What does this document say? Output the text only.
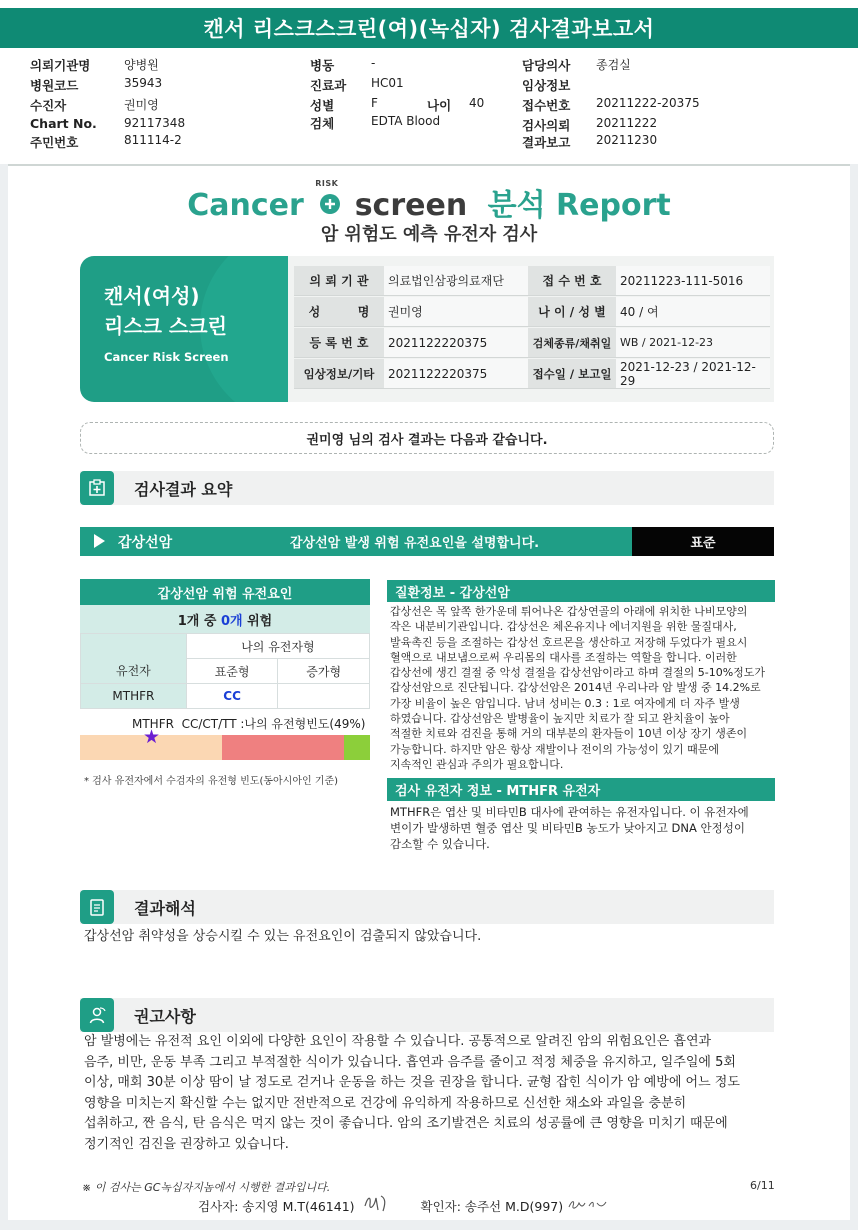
캔서 리스크스크린(여)(녹십자) 검사결과보고서
의뢰기관명	양병원
병원코드	35943
수진자	권미영
Chart No. 92117348
주민번호	811114-2
병동	-
진료과 HC01
성별	F	나이 40
검체	EDTA Blood
담당의사 종검실
임상정보
접수번호 20211222-20375
검사의뢰 20211222
결과보고 20211230
Cancer
RISK
screen 분석 Report
암 위험도 예측 유전자 검사
캔서(여성)
리스크 스크린
Cancer Risk Screen
의 뢰 기 관	의료법인삼광의료재단	접 수 번 호	20211223-111-5016
성         명	권미영	나 이 / 성 별	40 / 여
등 록 번 호	2021122220375	검체종류/채취일 WB / 2021-12-23
임상정보/기타	2021122220375	접수일 / 보고일 2021-12-23 / 2021-12-29
권미영 님의 검사 결과는 다음과 같습니다.
검사결과 요약
갑상선암	갑상선암 발생 위험 유전요인을 설명합니다.	표준
갑상선암 위험 유전요인
1개 중 0개 위험
	나의 유전자형	
유전자	표준형	증가형
MTHFR	CC	
MTHFR  CC/CT/TT :나의 유전형빈도(49%)
★
* 검사 유전자에서 수검자의 유전형 빈도(동아시아인 기준)
질환정보 - 갑상선암
갑상선은 목 앞쪽 한가운데 튀어나온 갑상연골의 아래에 위치한 나비모양의
작은 내분비기관입니다. 갑상선은 체온유지나 에너지원을 위한 물질대사,
발육촉진 등을 조절하는 갑상선 호르몬을 생산하고 저장해 두었다가 필요시
혈액으로 내보냄으로써 우리몸의 대사를 조절하는 역할을 합니다. 이러한
갑상선에 생긴 결절 중 악성 결절을 갑상선암이라고 하며 결절의 5-10%정도가
갑상선암으로 진단됩니다. 갑상선암은 2014년 우리나라 암 발생 중 14.2%로
가장 비율이 높은 암입니다. 남녀 성비는 0.3 : 1로 여자에게 더 자주 발생
하였습니다. 갑상선암은 발병율이 높지만 치료가 잘 되고 완치율이 높아
적절한 치료와 검진을 통해 거의 대부분의 환자들이 10년 이상 장기 생존이
가능합니다. 하지만 암은 항상 재발이나 전이의 가능성이 있기 때문에
지속적인 관심과 주의가 필요합니다.
검사 유전자 정보 - MTHFR 유전자
MTHFR은 엽산 및 비타민B 대사에 관여하는 유전자입니다. 이 유전자에
변이가 발생하면 혈중 엽산 및 비타민B 농도가 낮아지고 DNA 안정성이
감소할 수 있습니다.
결과해석
갑상선암 취약성을 상승시킬 수 있는 유전요인이 검출되지 않았습니다.
권고사항
암 발병에는 유전적 요인 이외에 다양한 요인이 작용할 수 있습니다. 공통적으로 알려진 암의 위험요인은 흡연과
음주, 비만, 운동 부족 그리고 부적절한 식이가 있습니다. 흡연과 음주를 줄이고 적정 체중을 유지하고, 일주일에 5회
이상, 매회 30분 이상 땀이 날 정도로 걷거나 운동을 하는 것을 권장을 합니다. 균형 잡힌 식이가 암 예방에 어느 정도
영향을 미치는지 확신할 수는 없지만 전반적으로 건강에 유익하게 작용하므로 신선한 채소와 과일을 충분히
섭취하고, 짠 음식, 탄 음식은 먹지 않는 것이 좋습니다. 암의 조기발견은 치료의 성공률에 큰 영향을 미치기 때문에
정기적인 검진을 권장하고 있습니다.
※ 이 검사는 GC녹십자지놈에서 시행한 결과입니다.	6/11
검사자: 송지영 M.T(46141)	확인자: 송주선 M.D(997)
